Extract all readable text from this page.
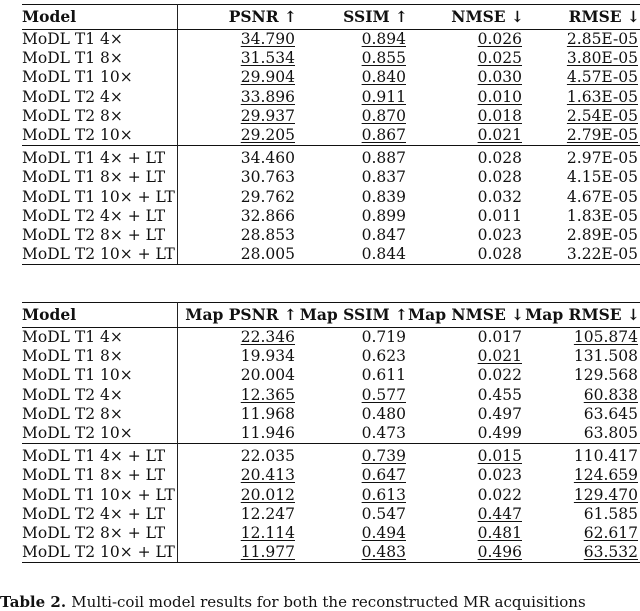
Model	PSNR ↑	SSIM ↑	NMSE ↓	RMSE ↓
MoDL T1 4×	34.790	0.894	0.026	2.85E-05
MoDL T1 8×	31.534	0.855	0.025	3.80E-05
MoDL T1 10×	29.904	0.840	0.030	4.57E-05
MoDL T2 4×	33.896	0.911	0.010	1.63E-05
MoDL T2 8×	29.937	0.870	0.018	2.54E-05
MoDL T2 10×	29.205	0.867	0.021	2.79E-05
MoDL T1 4× + LT	34.460	0.887	0.028	2.97E-05
MoDL T1 8× + LT	30.763	0.837	0.028	4.15E-05
MoDL T1 10× + LT	29.762	0.839	0.032	4.67E-05
MoDL T2 4× + LT	32.866	0.899	0.011	1.83E-05
MoDL T2 8× + LT	28.853	0.847	0.023	2.89E-05
MoDL T2 10× + LT	28.005	0.844	0.028	3.22E-05
Model	Map PSNR ↑	Map SSIM ↑	Map NMSE ↓	Map RMSE ↓
MoDL T1 4×	22.346	0.719	0.017	105.874
MoDL T1 8×	19.934	0.623	0.021	131.508
MoDL T1 10×	20.004	0.611	0.022	129.568
MoDL T2 4×	12.365	0.577	0.455	60.838
MoDL T2 8×	11.968	0.480	0.497	63.645
MoDL T2 10×	11.946	0.473	0.499	63.805
MoDL T1 4× + LT	22.035	0.739	0.015	110.417
MoDL T1 8× + LT	20.413	0.647	0.023	124.659
MoDL T1 10× + LT	20.012	0.613	0.022	129.470
MoDL T2 4× + LT	12.247	0.547	0.447	61.585
MoDL T2 8× + LT	12.114	0.494	0.481	62.617
MoDL T2 10× + LT	11.977	0.483	0.496	63.532
Table 2. Multi-coil model results for both the reconstructed MR acquisitions
